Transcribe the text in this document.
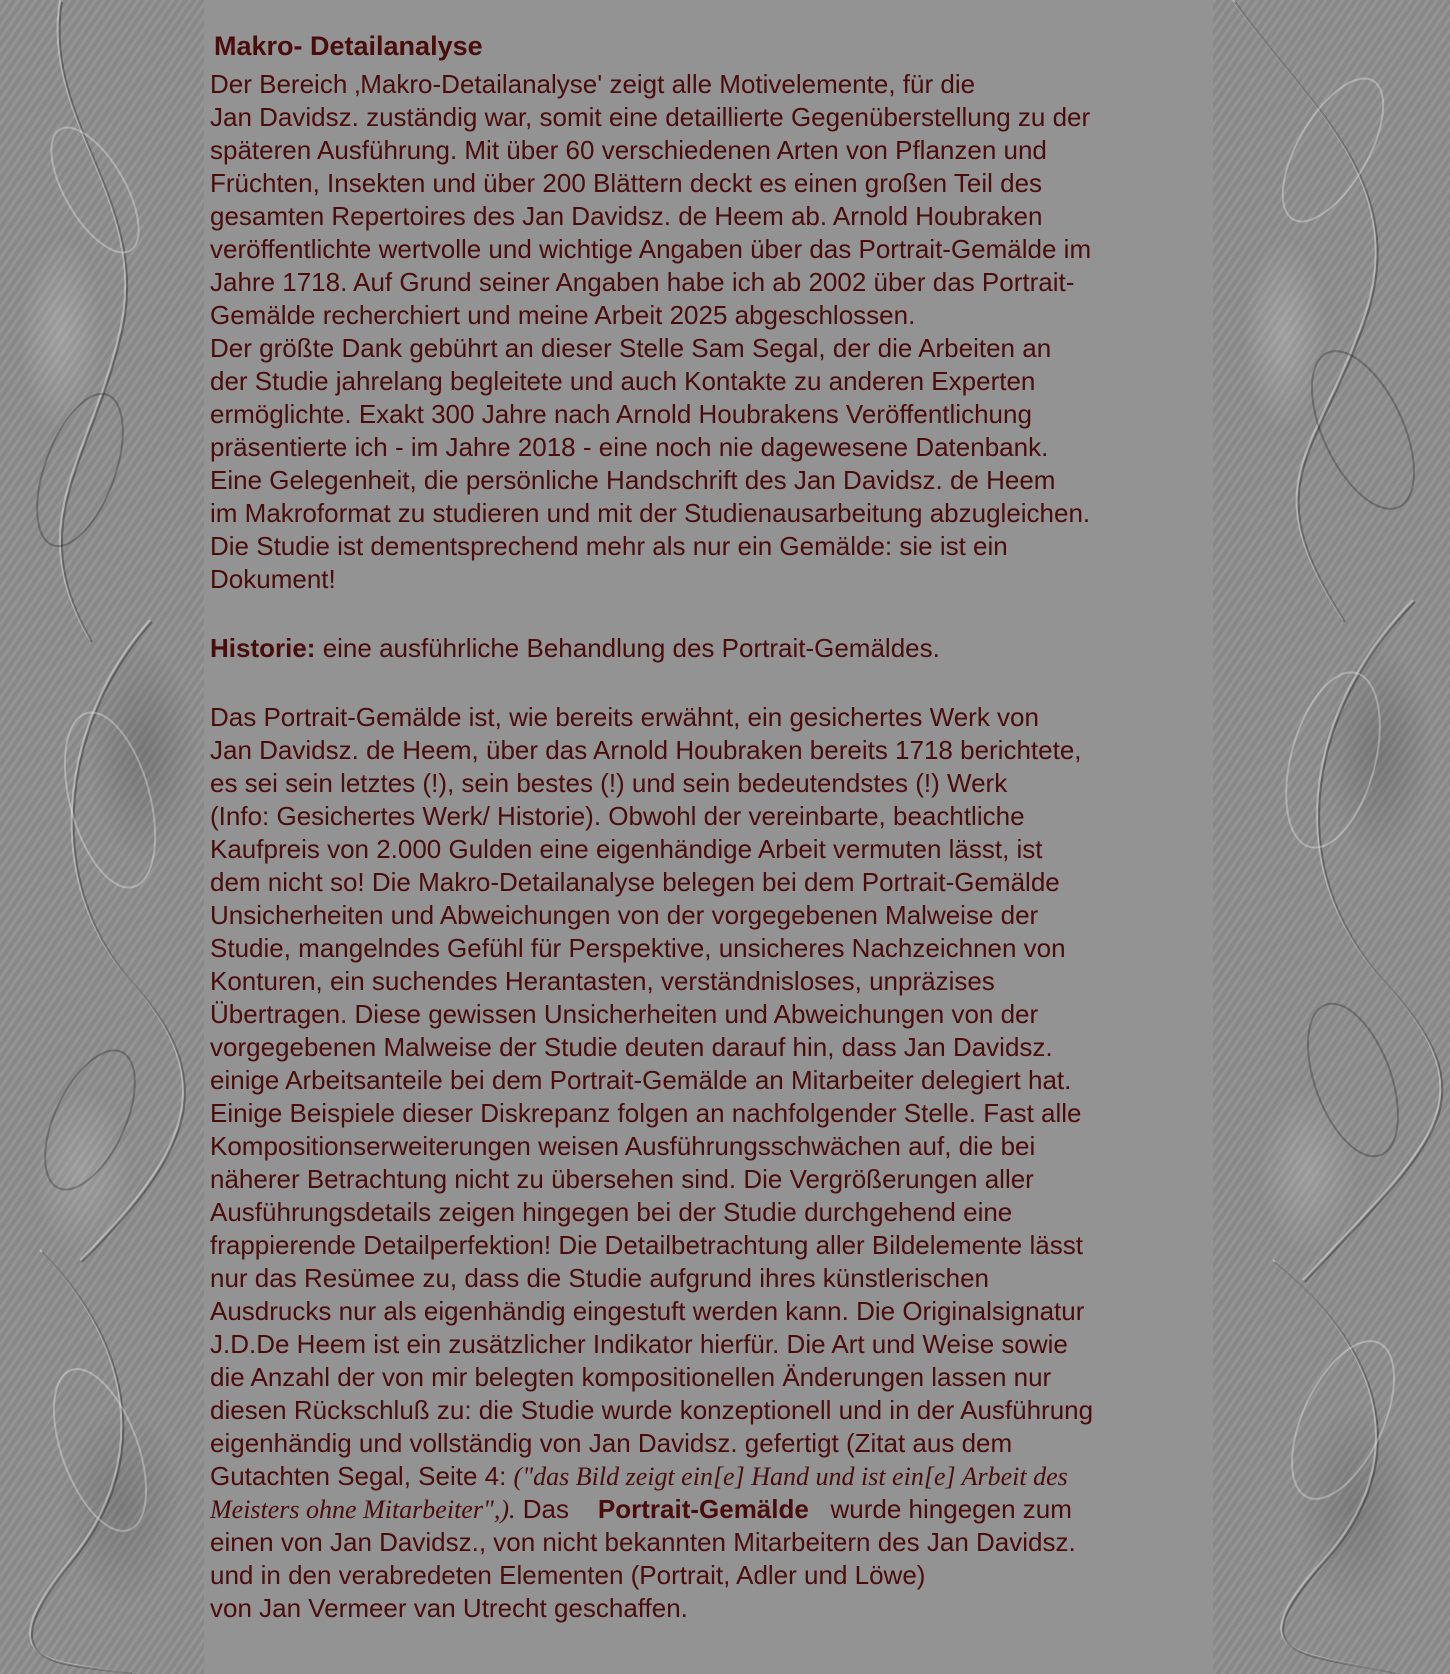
Makro- Detailanalyse
Der Bereich ‚Makro-Detailanalyse' zeigt alle Motivelemente, für die
Jan Davidsz. zuständig war, somit eine detaillierte Gegenüberstellung zu der
späteren Ausführung. Mit über 60 verschiedenen Arten von Pflanzen und
Früchten, Insekten und über 200 Blättern deckt es einen großen Teil des
gesamten Repertoires des Jan Davidsz. de Heem ab. Arnold Houbraken
veröffentlichte wertvolle und wichtige Angaben über das Portrait-Gemälde im
Jahre 1718. Auf Grund seiner Angaben habe ich ab 2002 über das Portrait-
Gemälde recherchiert und meine Arbeit 2025 abgeschlossen.
Der größte Dank gebührt an dieser Stelle Sam Segal, der die Arbeiten an
der Studie jahrelang begleitete und auch Kontakte zu anderen Experten
ermöglichte. Exakt 300 Jahre nach Arnold Houbrakens Veröffentlichung
präsentierte ich - im Jahre 2018 - eine noch nie dagewesene Datenbank.
Eine Gelegenheit, die persönliche Handschrift des Jan Davidsz. de Heem
im Makroformat zu studieren und mit der Studienausarbeitung abzugleichen.
Die Studie ist dementsprechend mehr als nur ein Gemälde: sie ist ein
Dokument!
Historie: eine ausführliche Behandlung des Portrait-Gemäldes.
Das Portrait-Gemälde ist, wie bereits erwähnt, ein gesichertes Werk von
Jan Davidsz. de Heem, über das Arnold Houbraken bereits 1718 berichtete,
es sei sein letztes (!), sein bestes (!) und sein bedeutendstes (!) Werk
(Info: Gesichertes Werk/ Historie). Obwohl der vereinbarte, beachtliche
Kaufpreis von 2.000 Gulden eine eigenhändige Arbeit vermuten lässt, ist
dem nicht so! Die Makro-Detailanalyse belegen bei dem Portrait-Gemälde
Unsicherheiten und Abweichungen von der vorgegebenen Malweise der
Studie, mangelndes Gefühl für Perspektive, unsicheres Nachzeichnen von
Konturen, ein suchendes Herantasten, verständnisloses, unpräzises
Übertragen. Diese gewissen Unsicherheiten und Abweichungen von der
vorgegebenen Malweise der Studie deuten darauf hin, dass Jan Davidsz.
einige Arbeitsanteile bei dem Portrait-Gemälde an Mitarbeiter delegiert hat.
Einige Beispiele dieser Diskrepanz folgen an nachfolgender Stelle. Fast alle
Kompositionserweiterungen weisen Ausführungsschwächen auf, die bei
näherer Betrachtung nicht zu übersehen sind. Die Vergrößerungen aller
Ausführungsdetails zeigen hingegen bei der Studie durchgehend eine
frappierende Detailperfektion! Die Detailbetrachtung aller Bildelemente lässt
nur das Resümee zu, dass die Studie aufgrund ihres künstlerischen
Ausdrucks nur als eigenhändig eingestuft werden kann. Die Originalsignatur
J.D.De Heem ist ein zusätzlicher Indikator hierfür. Die Art und Weise sowie
die Anzahl der von mir belegten kompositionellen Änderungen lassen nur
diesen Rückschluß zu: die Studie wurde konzeptionell und in der Ausführung
eigenhändig und vollständig von Jan Davidsz. gefertigt (Zitat aus dem
Gutachten Segal, Seite 4: ("das Bild zeigt ein[e] Hand und ist ein[e] Arbeit des
Meisters ohne Mitarbeiter",). Das    Portrait-Gemälde   wurde hingegen zum
einen von Jan Davidsz., von nicht bekannten Mitarbeitern des Jan Davidsz.
und in den verabredeten Elementen (Portrait, Adler und Löwe)
von Jan Vermeer van Utrecht geschaffen.
